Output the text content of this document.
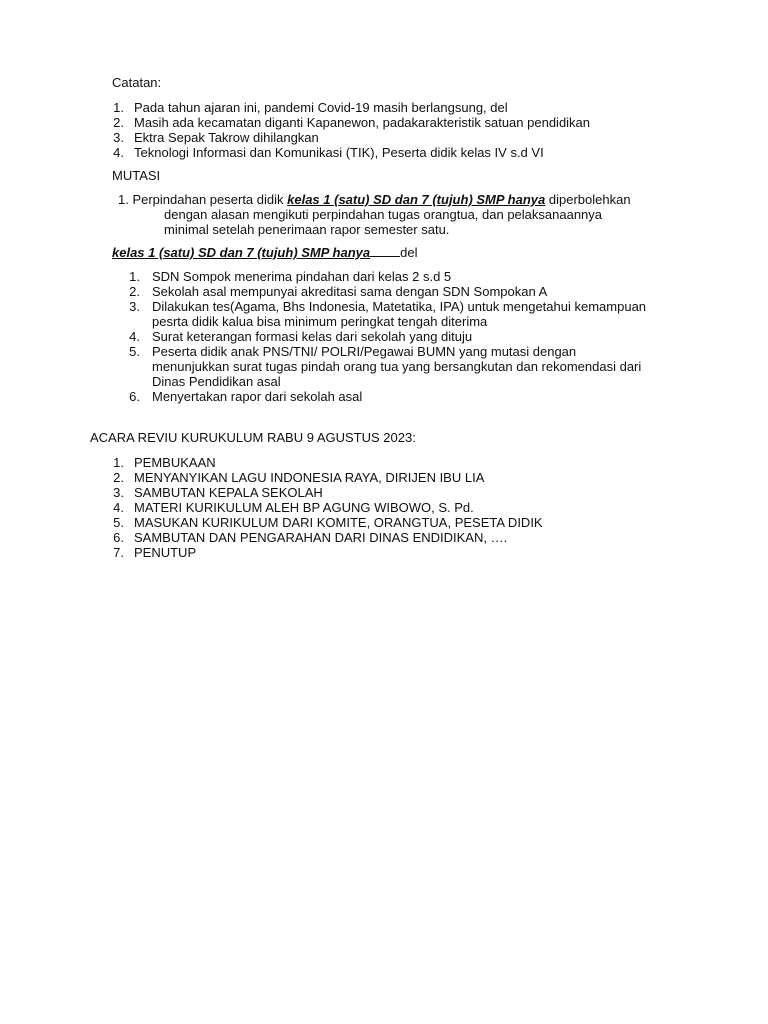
Catatan:
1. Pada tahun ajaran ini, pandemi Covid-19 masih berlangsung, del
2. Masih ada kecamatan diganti Kapanewon, padakarakteristik satuan pendidikan
3. Ektra Sepak Takrow dihilangkan
4. Teknologi Informasi dan Komunikasi (TIK), Peserta didik kelas IV s.d VI
MUTASI
1. Perpindahan peserta didik kelas 1 (satu) SD dan 7 (tujuh) SMP hanya diperbolehkan
dengan alasan mengikuti perpindahan tugas orangtua, dan pelaksanaannya
minimal setelah penerimaan rapor semester satu.
kelas 1 (satu) SD dan 7 (tujuh) SMP hanya del
1. SDN Sompok menerima pindahan dari kelas 2 s.d 5
2. Sekolah asal mempunyai akreditasi sama dengan SDN Sompokan A
3. Dilakukan tes(Agama, Bhs Indonesia, Matetatika, IPA) untuk mengetahui kemampuan
pesrta didik kalua bisa minimum peringkat tengah diterima
4. Surat keterangan formasi kelas dari sekolah yang dituju
5. Peserta didik anak PNS/TNI/ POLRI/Pegawai BUMN yang mutasi dengan
menunjukkan surat tugas pindah orang tua yang bersangkutan dan rekomendasi dari
Dinas Pendidikan asal
6. Menyertakan rapor dari sekolah asal
ACARA REVIU KURUKULUM RABU 9 AGUSTUS 2023:
1. PEMBUKAAN
2. MENYANYIKAN LAGU INDONESIA RAYA, DIRIJEN IBU LIA
3. SAMBUTAN KEPALA SEKOLAH
4. MATERI KURIKULUM ALEH BP AGUNG WIBOWO, S. Pd.
5. MASUKAN KURIKULUM DARI KOMITE, ORANGTUA, PESETA DIDIK
6. SAMBUTAN DAN PENGARAHAN DARI DINAS ENDIDIKAN, ….
7. PENUTUP
